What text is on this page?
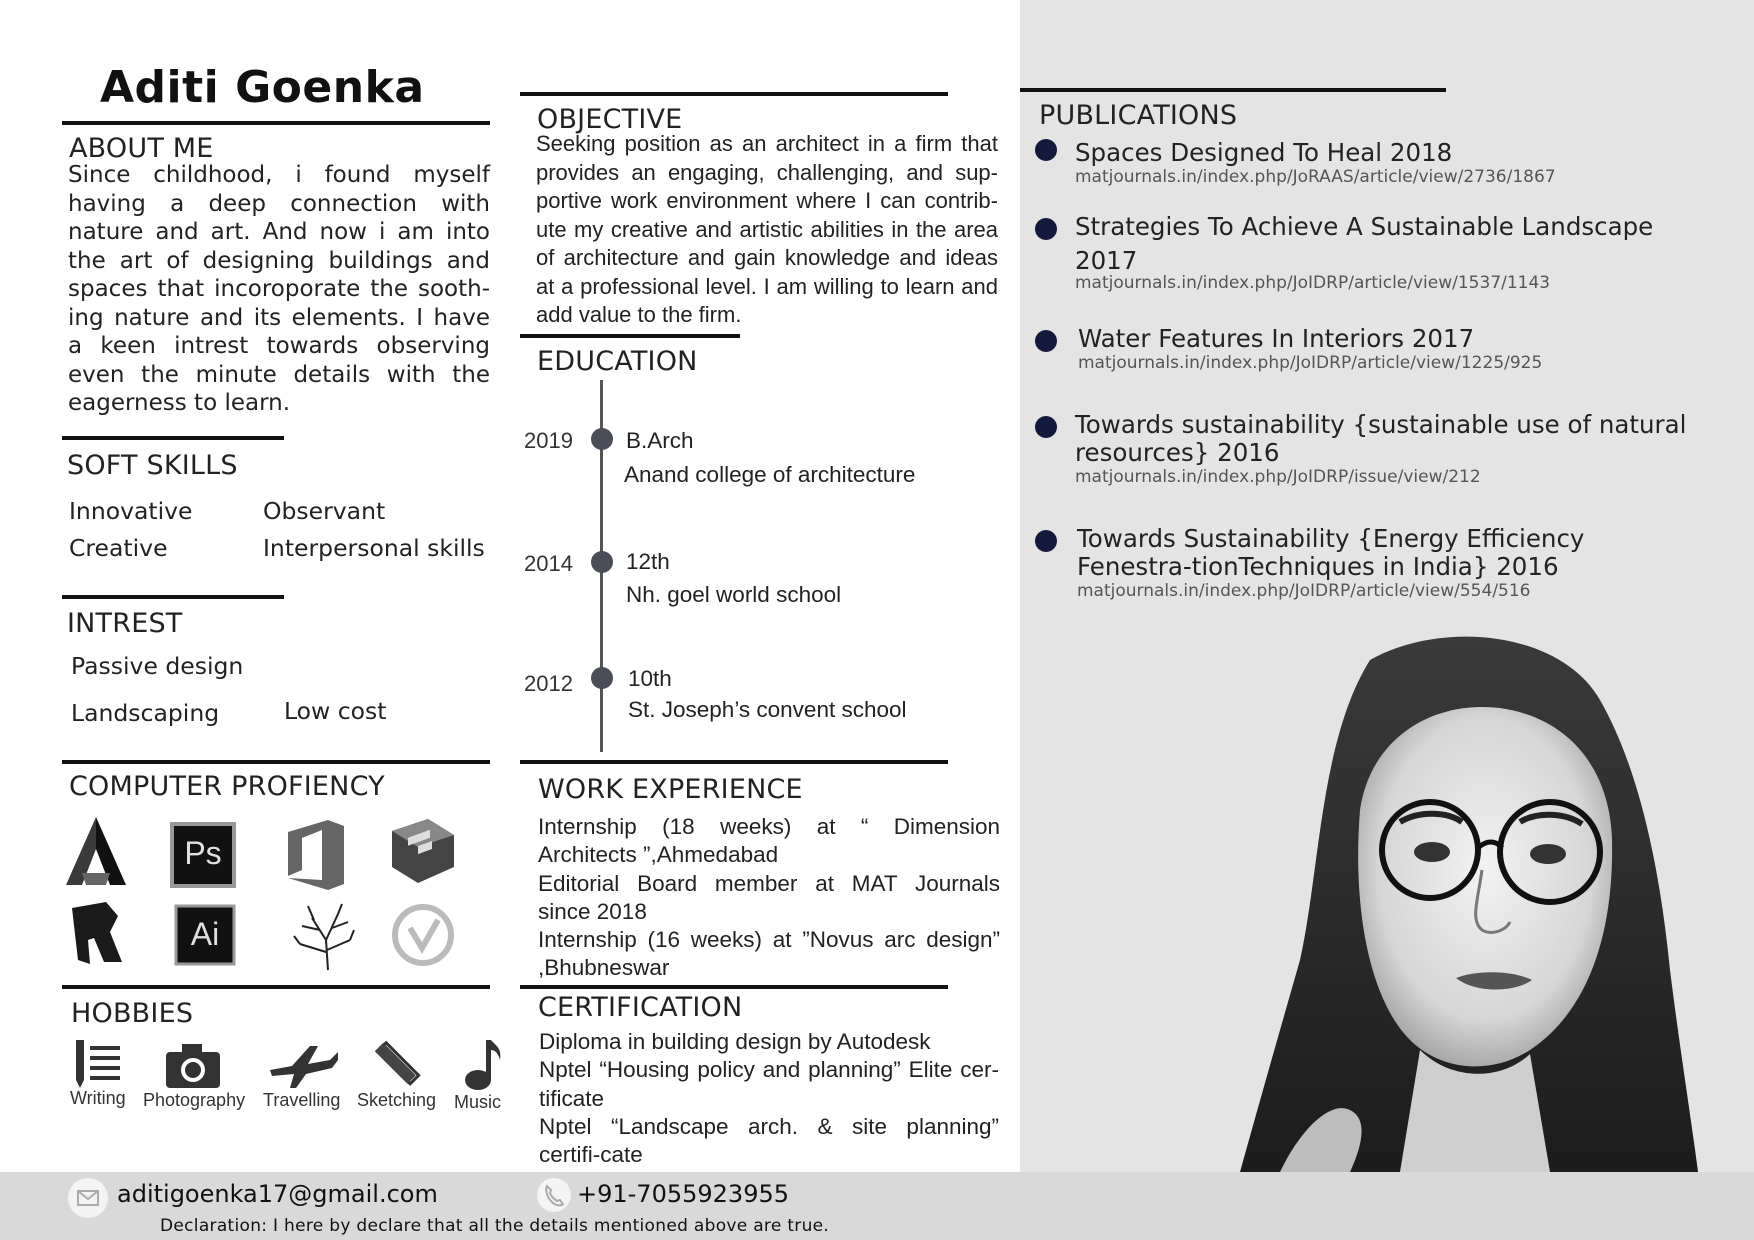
Aditi Goenka
ABOUT ME
Since childhood, i found myself having a deep connection with nature and art. And now i am into the art of designing buildings and spaces that incoroporate the sooth-ing nature and its elements. I have a keen intrest towards observing even the minute details with the eagerness to learn.
SOFT SKILLS
Innovative	Observant
Creative	Interpersonal skills
INTREST
Passive design
Landscaping	Low cost
COMPUTER PROFIENCY
Ps
Ai
HOBBIES
Writing Photography Travelling Sketching Music
OBJECTIVE
Seeking position as an architect in a firm that provides an engaging, challenging, and sup-portive work environment where I can contrib-ute my creative and artistic abilities in the area of architecture and gain knowledge and ideas at a professional level. I am willing to learn and add value to the firm.
EDUCATION
2019 B.Arch
Anand college of architecture
2014 12th
Nh. goel world school
2012 10th
St. Joseph’s convent school
WORK EXPERIENCE
Internship (18 weeks) at “ Dimension Architects ”,Ahmedabad
Editorial Board member at MAT Journals since 2018
Internship (16 weeks) at ”Novus arc design” ,Bhubneswar
CERTIFICATION
Diploma in building design by Autodesk
Nptel “Housing policy and planning” Elite cer-tificate
Nptel “Landscape arch. & site planning” certifi-cate
PUBLICATIONS
Spaces Designed To Heal 2018
matjournals.in/index.php/JoRAAS/article/view/2736/1867
Strategies To Achieve A Sustainable Landscape 2017
matjournals.in/index.php/JoIDRP/article/view/1537/1143
Water Features In Interiors 2017
matjournals.in/index.php/JoIDRP/article/view/1225/925
Towards sustainability {sustainable use of natural resources} 2016
matjournals.in/index.php/JoIDRP/issue/view/212
Towards Sustainability {Energy Efficiency Fenestra-tionTechniques in India} 2016
matjournals.in/index.php/JoIDRP/article/view/554/516
aditigoenka17@gmail.com	+91-7055923955
Declaration: I here by declare that all the details mentioned above are true.
